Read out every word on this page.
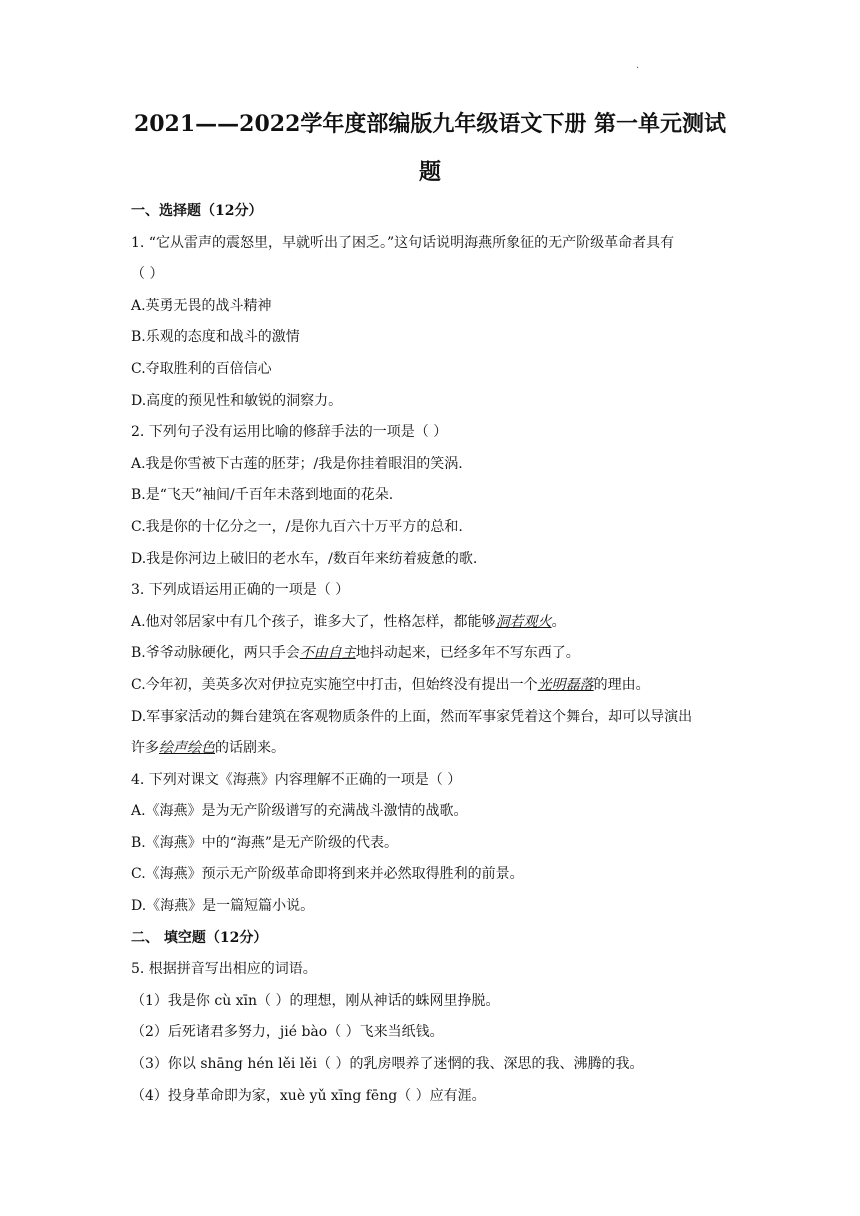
.
2021——2022学年度部编版九年级语文下册 第一单元测试
题
一、选择题（12分）
1. “它从雷声的震怒里，早就听出了困乏。”这句话说明海燕所象征的无产阶级革命者具有
（ ）
A.英勇无畏的战斗精神
B.乐观的态度和战斗的激情
C.夺取胜利的百倍信心
D.高度的预见性和敏锐的洞察力。
2. 下列句子没有运用比喻的修辞手法的一项是（ ）
A.我是你雪被下古莲的胚芽；/我是你挂着眼泪的笑涡.
B.是“飞天”袖间/千百年未落到地面的花朵.
C.我是你的十亿分之一，/是你九百六十万平方的总和.
D.我是你河边上破旧的老水车，/数百年来纺着疲惫的歌.
3. 下列成语运用正确的一项是（ ）
A.他对邻居家中有几个孩子，谁多大了，性格怎样，都能够洞若观火。
B.爷爷动脉硬化，两只手会不由自主地抖动起来，已经多年不写东西了。
C.今年初，美英多次对伊拉克实施空中打击，但始终没有提出一个光明磊落的理由。
D.军事家活动的舞台建筑在客观物质条件的上面，然而军事家凭着这个舞台，却可以导演出
许多绘声绘色的话剧来。
4. 下列对课文《海燕》内容理解不正确的一项是（ ）
A.《海燕》是为无产阶级谱写的充满战斗激情的战歌。
B.《海燕》中的“海燕”是无产阶级的代表。
C.《海燕》预示无产阶级革命即将到来并必然取得胜利的前景。
D.《海燕》是一篇短篇小说。
二、 填空题（12分）
5. 根据拼音写出相应的词语。
（1）我是你 cù xīn（ ）的理想，刚从神话的蛛网里挣脱。
（2）后死诸君多努力，jié bào（ ）飞来当纸钱。
（3）你以 shāng hén lěi lěi（ ）的乳房喂养了迷惘的我、深思的我、沸腾的我。
（4）投身革命即为家，xuè yǔ xīng fēng（ ）应有涯。
